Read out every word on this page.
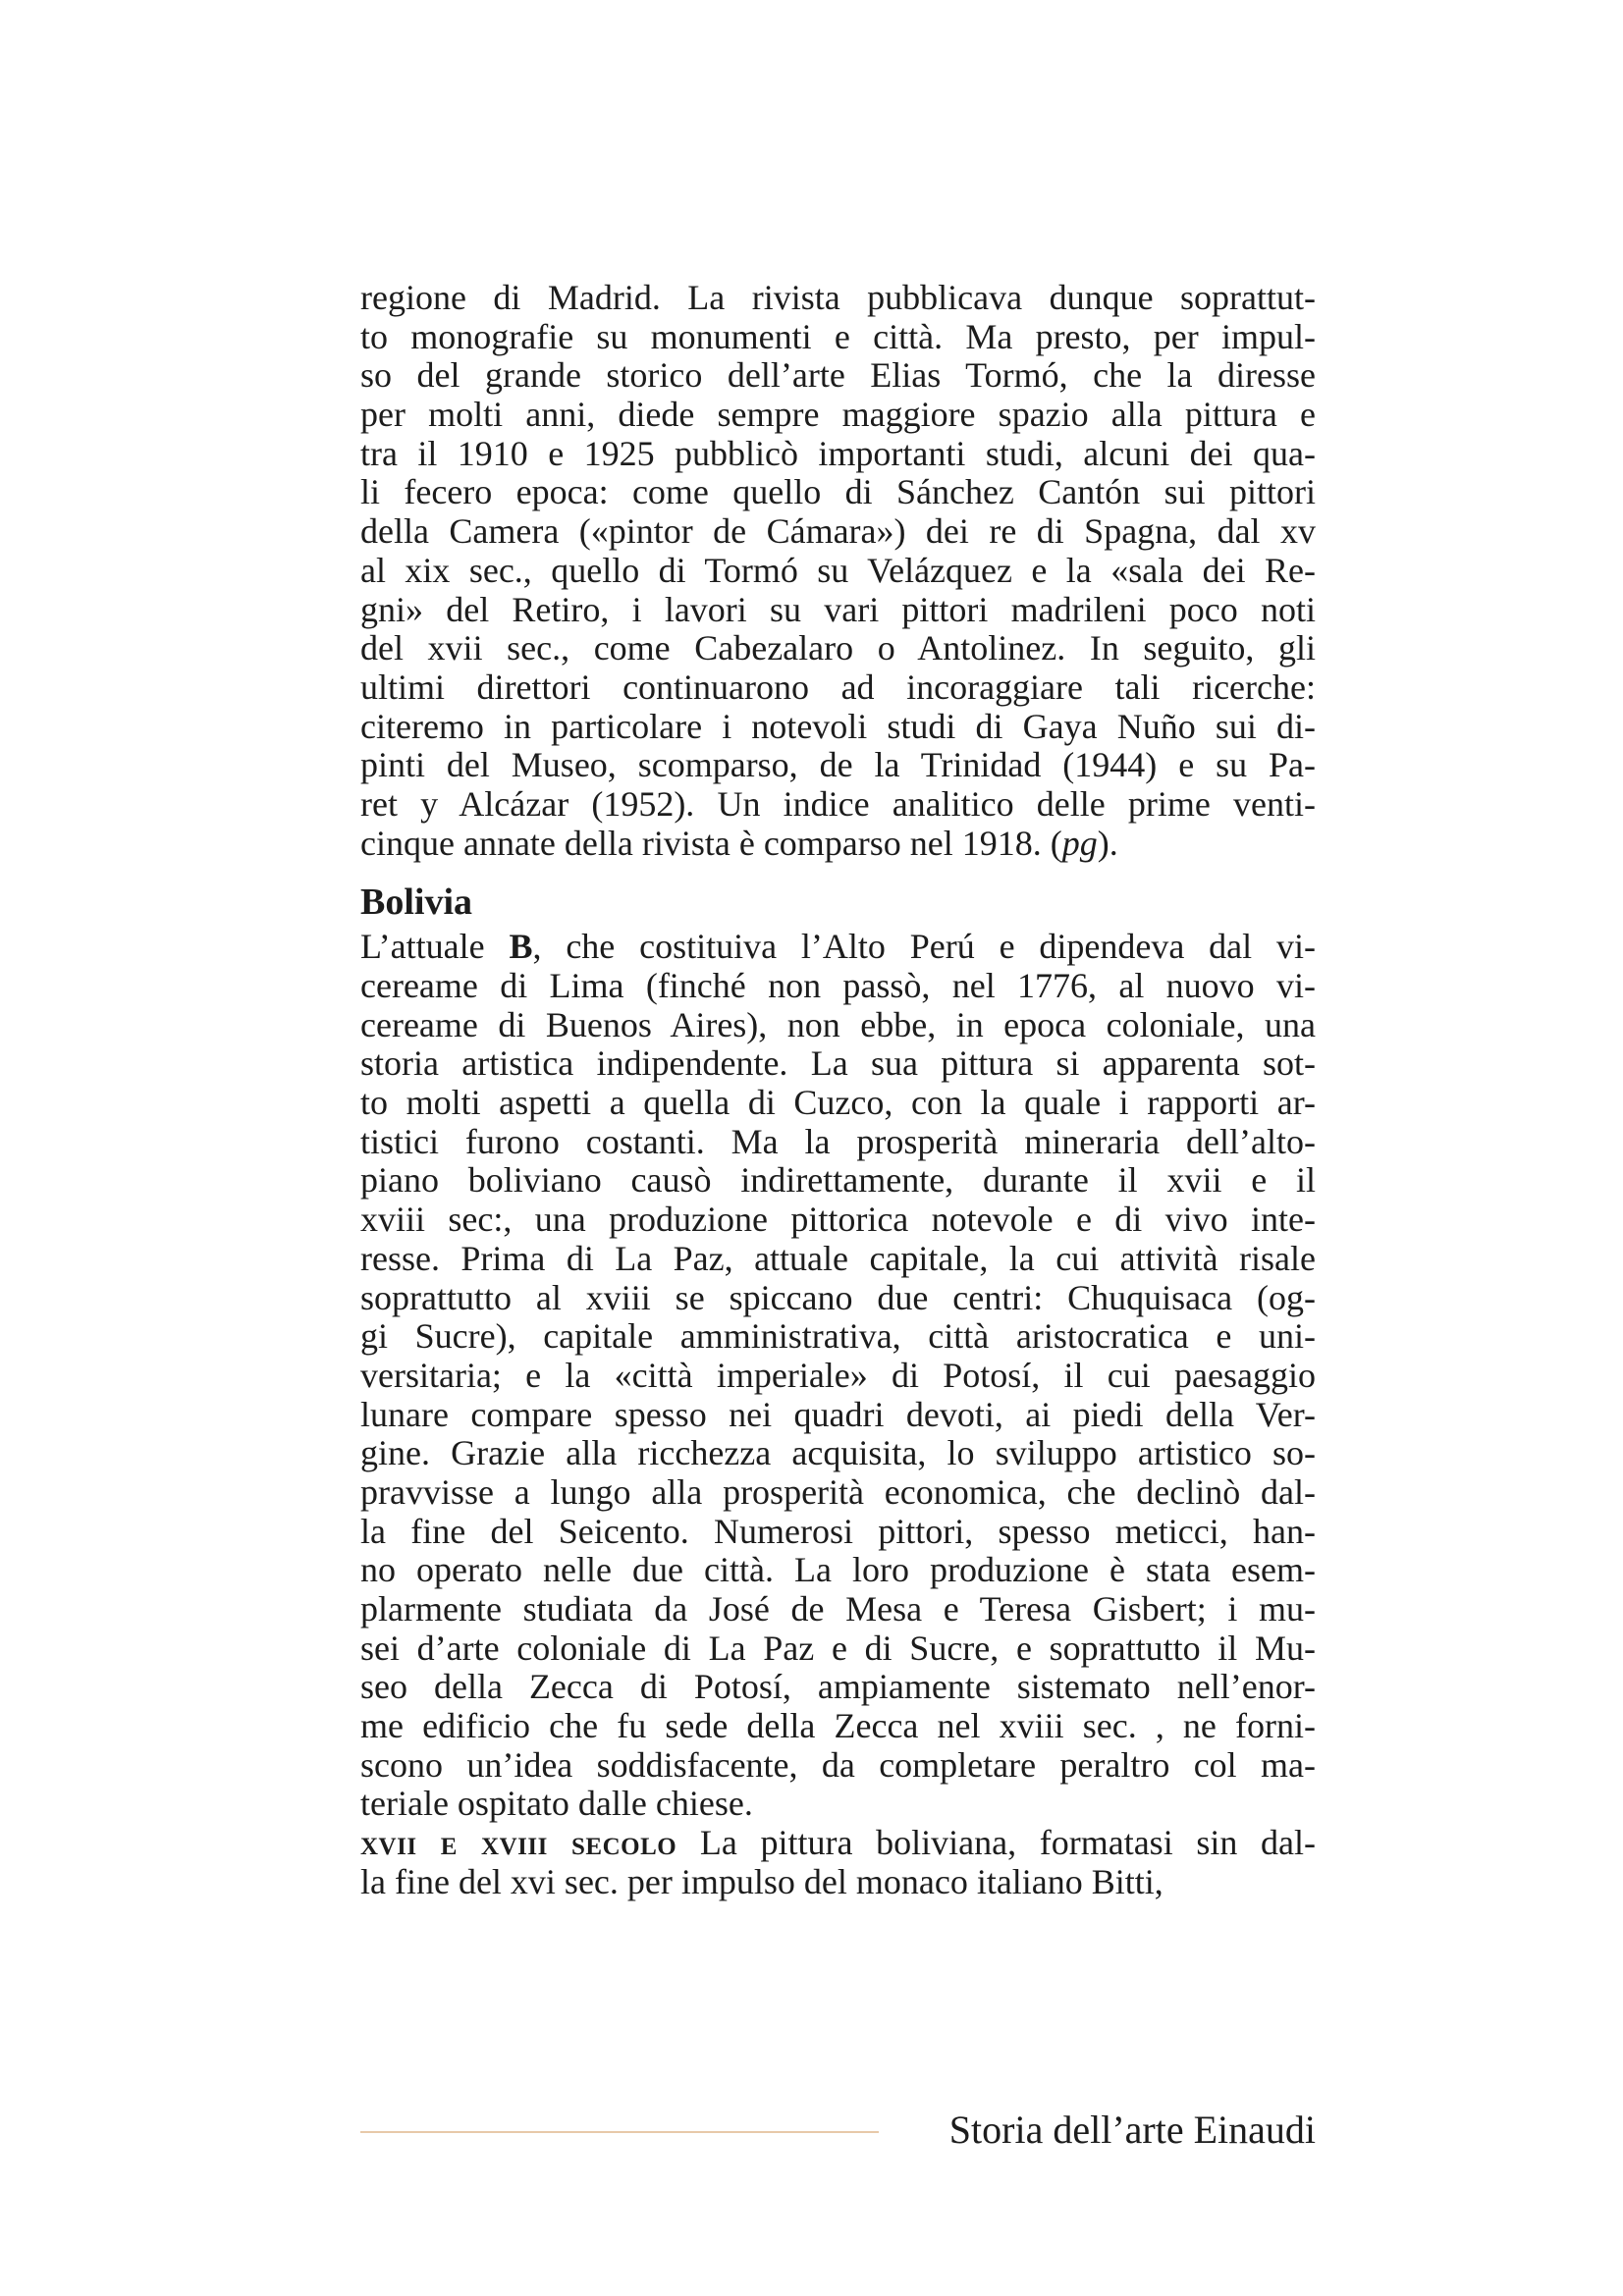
regione di Madrid. La rivista pubblicava dunque soprattut-
to monografie su monumenti e città. Ma presto, per impul-
so del grande storico dell’arte Elias Tormó, che la diresse
per molti anni, diede sempre maggiore spazio alla pittura e
tra il 1910 e 1925 pubblicò importanti studi, alcuni dei qua-
li fecero epoca: come quello di Sánchez Cantón sui pittori
della Camera («pintor de Cámara») dei re di Spagna, dal xv
al xix sec., quello di Tormó su Velázquez e la «sala dei Re-
gni» del Retiro, i lavori su vari pittori madrileni poco noti
del xvii sec., come Cabezalaro o Antolinez. In seguito, gli
ultimi direttori continuarono ad incoraggiare tali ricerche:
citeremo in particolare i notevoli studi di Gaya Nuño sui di-
pinti del Museo, scomparso, de la Trinidad (1944) e su Pa-
ret y Alcázar (1952). Un indice analitico delle prime venti-
cinque annate della rivista è comparso nel 1918. (pg).
Bolivia
L’attuale B, che costituiva l’Alto Perú e dipendeva dal vi-
cereame di Lima (finché non passò, nel 1776, al nuovo vi-
cereame di Buenos Aires), non ebbe, in epoca coloniale, una
storia artistica indipendente. La sua pittura si apparenta sot-
to molti aspetti a quella di Cuzco, con la quale i rapporti ar-
tistici furono costanti. Ma la prosperità mineraria dell’alto-
piano boliviano causò indirettamente, durante il xvii e il
xviii sec:, una produzione pittorica notevole e di vivo inte-
resse. Prima di La Paz, attuale capitale, la cui attività risale
soprattutto al xviii se spiccano due centri: Chuquisaca (og-
gi Sucre), capitale amministrativa, città aristocratica e uni-
versitaria; e la «città imperiale» di Potosí, il cui paesaggio
lunare compare spesso nei quadri devoti, ai piedi della Ver-
gine. Grazie alla ricchezza acquisita, lo sviluppo artistico so-
pravvisse a lungo alla prosperità economica, che declinò dal-
la fine del Seicento. Numerosi pittori, spesso meticci, han-
no operato nelle due città. La loro produzione è stata esem-
plarmente studiata da José de Mesa e Teresa Gisbert; i mu-
sei d’arte coloniale di La Paz e di Sucre, e soprattutto il Mu-
seo della Zecca di Potosí, ampiamente sistemato nell’enor-
me edificio che fu sede della Zecca nel xviii sec. , ne forni-
scono un’idea soddisfacente, da completare peraltro col ma-
teriale ospitato dalle chiese.
xvii e xviii secolo La pittura boliviana, formatasi sin dal-
la fine del xvi sec. per impulso del monaco italiano Bitti,
Storia dell’arte Einaudi
